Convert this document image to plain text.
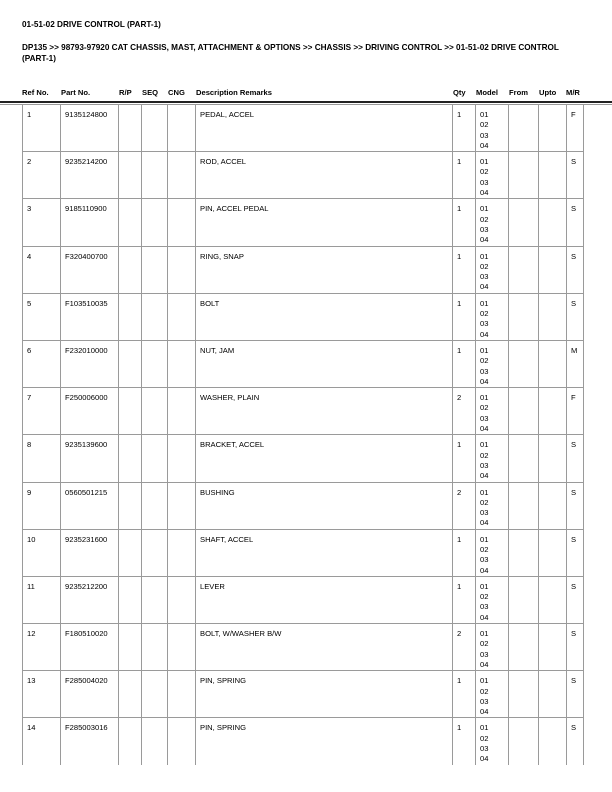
01-51-02 DRIVE CONTROL (PART-1)
DP135 >> 98793-97920 CAT CHASSIS, MAST, ATTACHMENT & OPTIONS >> CHASSIS >> DRIVING CONTROL >> 01-51-02 DRIVE CONTROL (PART-1)
Ref No. Part No.	R/P SEQ CNG Description Remarks	Qty Model From Upto M/R
1	9135124800				PEDAL, ACCEL	1	01
02
03
04			F
2	9235214200				ROD, ACCEL	1	01
02
03
04			S
3	9185110900				PIN, ACCEL PEDAL	1	01
02
03
04			S
4	F320400700				RING, SNAP	1	01
02
03
04			S
5	F103510035				BOLT	1	01
02
03
04			S
6	F232010000				NUT, JAM	1	01
02
03
04			M
7	F250006000				WASHER, PLAIN	2	01
02
03
04			F
8	9235139600				BRACKET, ACCEL	1	01
02
03
04			S
9	0560501215				BUSHING	2	01
02
03
04			S
10	9235231600				SHAFT, ACCEL	1	01
02
03
04			S
11	9235212200				LEVER	1	01
02
03
04			S
12	F180510020				BOLT, W/WASHER B/W	2	01
02
03
04			S
13	F285004020				PIN, SPRING	1	01
02
03
04			S
14	F285003016				PIN, SPRING	1	01
02
03
04			S
